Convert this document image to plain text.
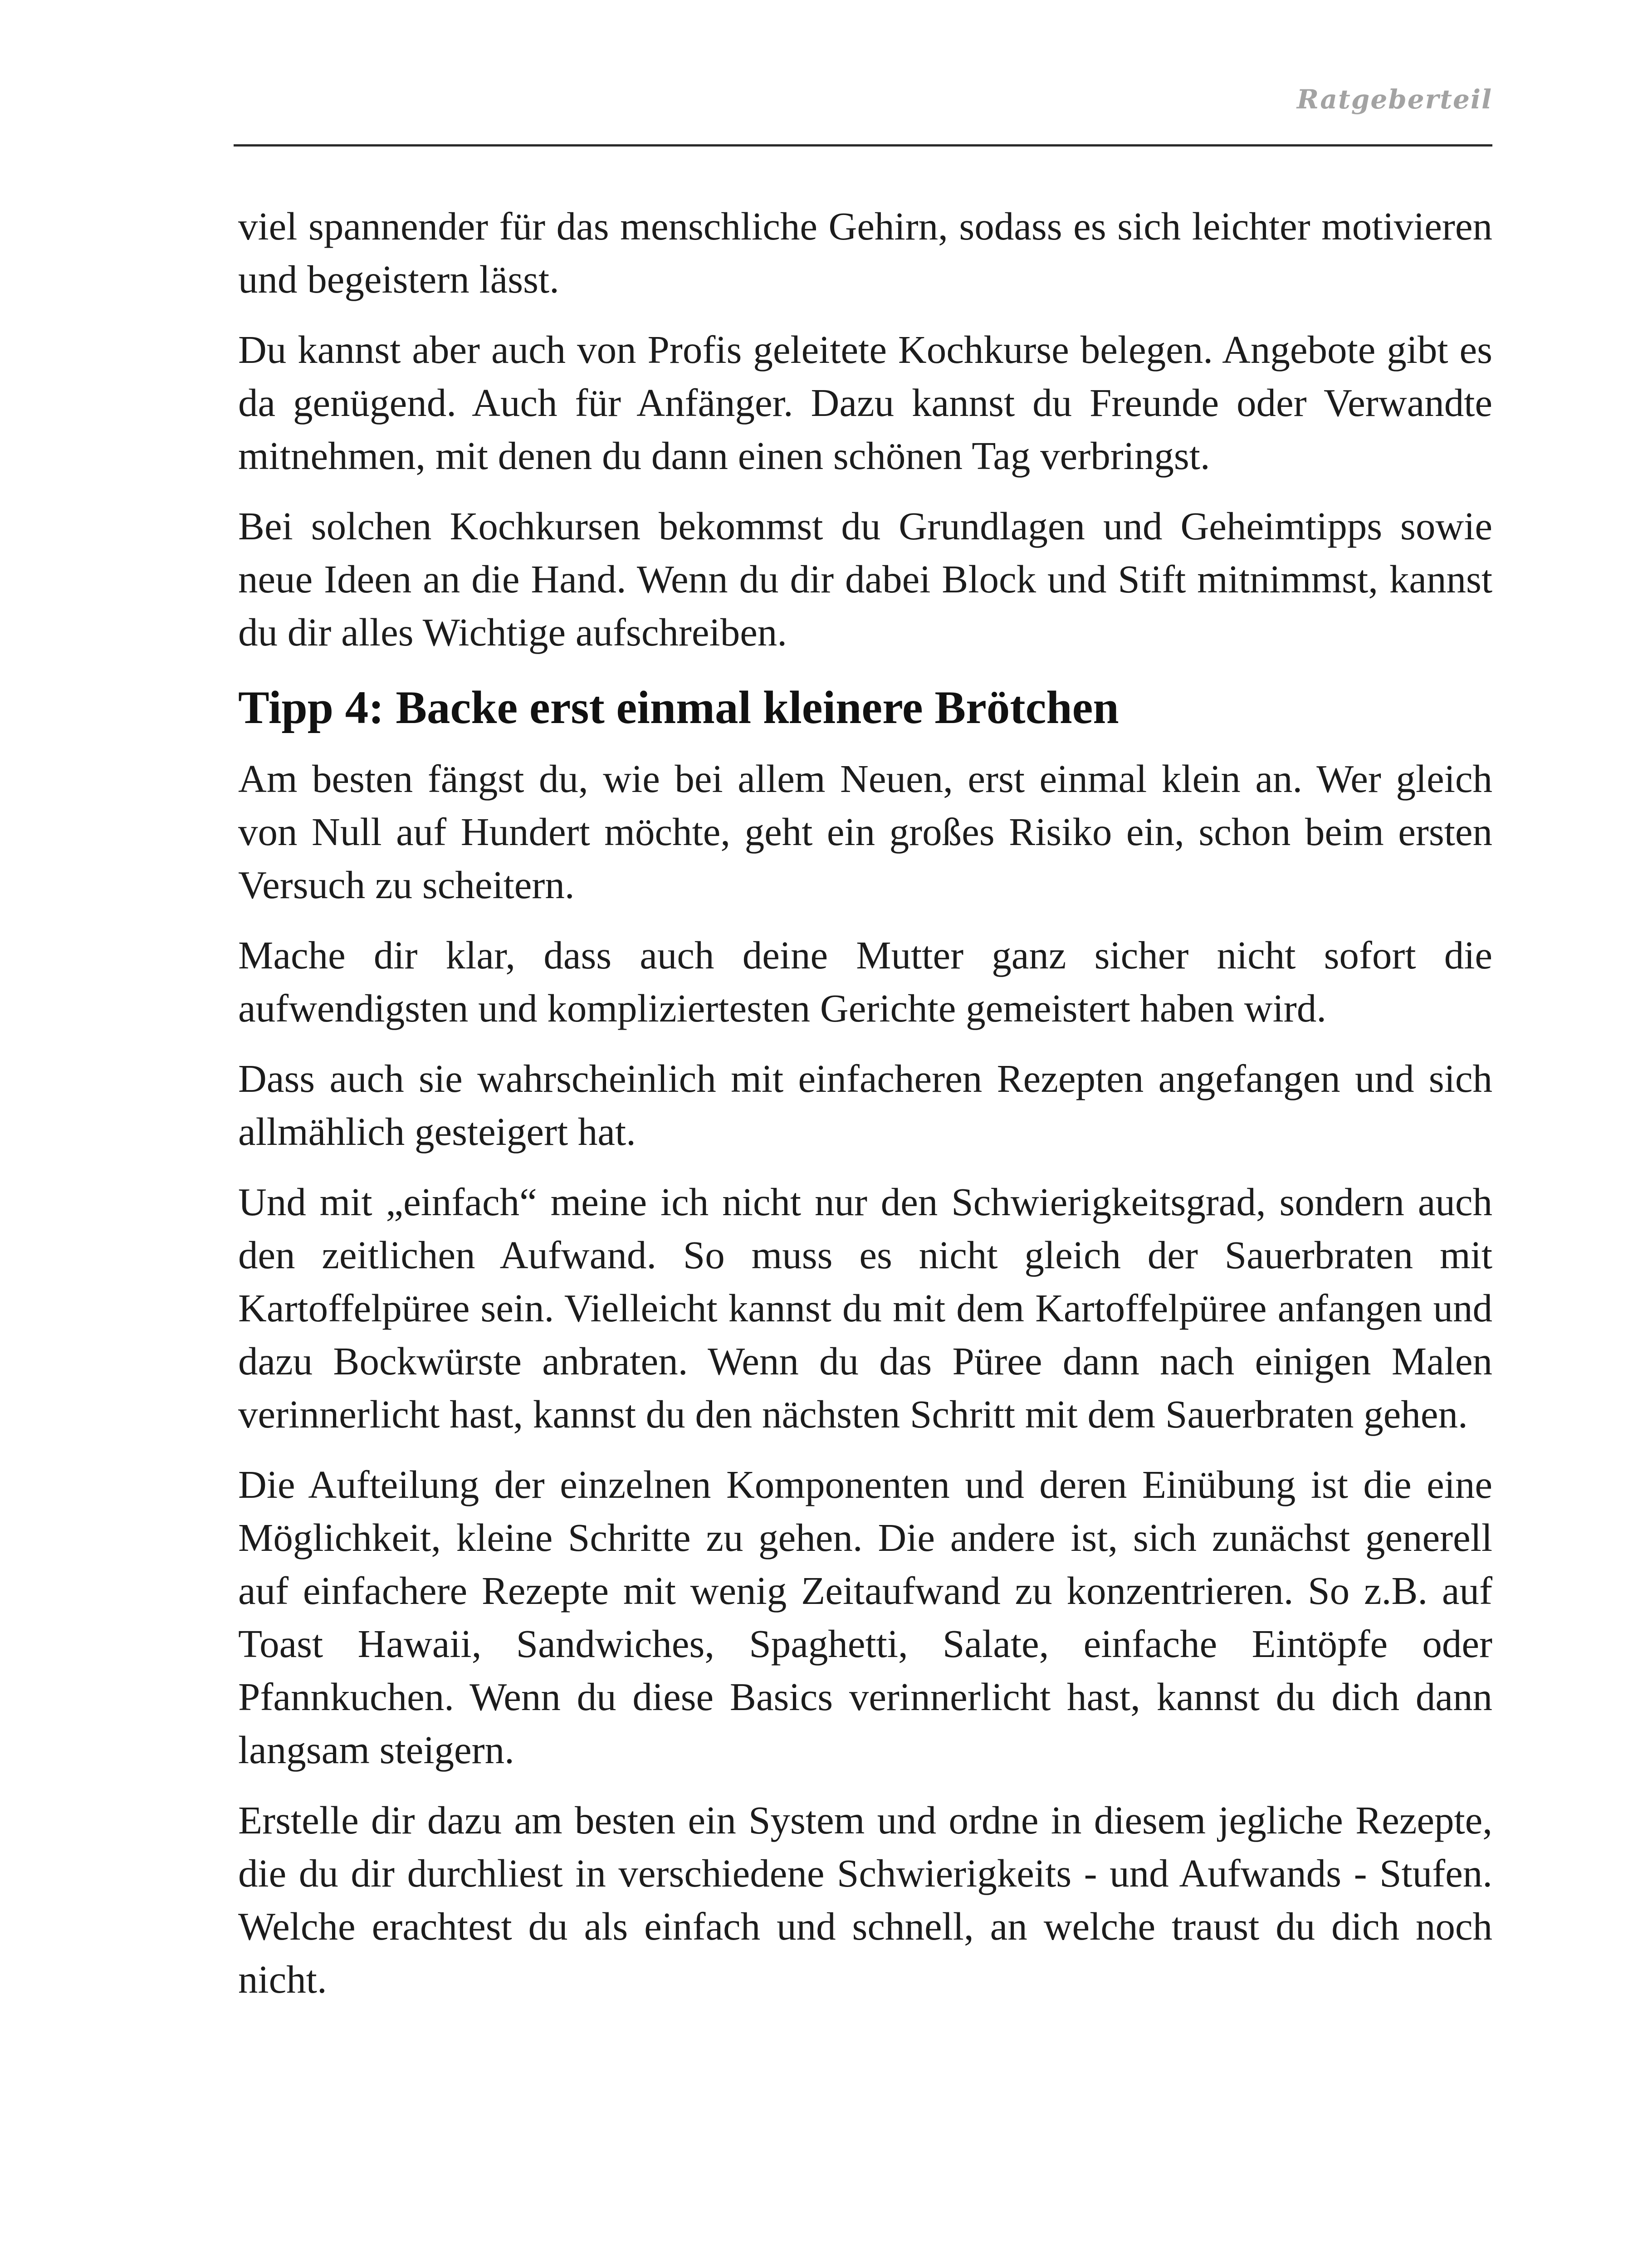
Ratgeberteil

viel spannender für das menschliche Gehirn, sodass es sich leichter motivieren und begeistern lässt.

Du kannst aber auch von Profis geleitete Kochkurse belegen. Angebote gibt es da genügend. Auch für Anfänger. Dazu kannst du Freunde oder Verwandte mitnehmen, mit denen du dann einen schönen Tag verbringst.

Bei solchen Kochkursen bekommst du Grundlagen und Geheimtipps sowie neue Ideen an die Hand. Wenn du dir dabei Block und Stift mitnimmst, kannst du dir alles Wichtige aufschreiben.

Tipp 4: Backe erst einmal kleinere Brötchen

Am besten fängst du, wie bei allem Neuen, erst einmal klein an. Wer gleich von Null auf Hundert möchte, geht ein großes Risiko ein, schon beim ersten Versuch zu scheitern.

Mache dir klar, dass auch deine Mutter ganz sicher nicht sofort die aufwendigsten und kompliziertesten Gerichte gemeistert haben wird.

Dass auch sie wahrscheinlich mit einfacheren Rezepten angefangen und sich allmählich gesteigert hat.

Und mit „einfach“ meine ich nicht nur den Schwierigkeitsgrad, sondern auch den zeitlichen Aufwand. So muss es nicht gleich der Sauerbraten mit Kartoffelpüree sein. Vielleicht kannst du mit dem Kartoffelpüree anfangen und dazu Bockwürste anbraten. Wenn du das Püree dann nach einigen Malen verinnerlicht hast, kannst du den nächsten Schritt mit dem Sauerbraten gehen.

Die Aufteilung der einzelnen Komponenten und deren Einübung ist die eine Möglichkeit, kleine Schritte zu gehen. Die andere ist, sich zunächst generell auf einfachere Rezepte mit wenig Zeitaufwand zu konzentrieren. So z.B. auf Toast Hawaii, Sandwiches, Spaghetti, Salate, einfache Eintöpfe oder Pfannkuchen. Wenn du diese Basics verinnerlicht hast, kannst du dich dann langsam steigern.

Erstelle dir dazu am besten ein System und ordne in diesem jegliche Rezepte, die du dir durchliest in verschiedene Schwierigkeits - und Aufwands - Stufen. Welche erachtest du als einfach und schnell, an welche traust du dich noch nicht.
